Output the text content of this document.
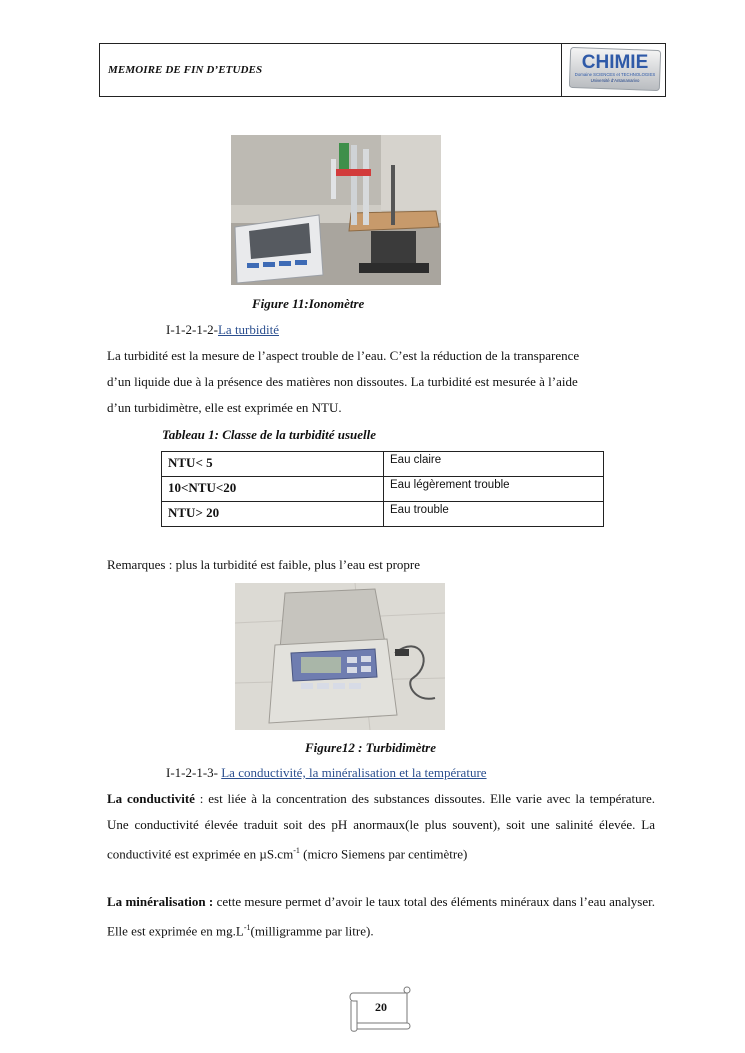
MEMOIRE DE FIN D’ETUDES	CHIMIE
Domaine SCIENCES et TECHNOLOGIES
Université d'Antananarivo
Figure 11:Ionomètre
I-1-2-1-2-La turbidité
La turbidité est la mesure de l’aspect trouble de l’eau. C’est la réduction de la transparence
d’un liquide due à la présence des matières non dissoutes. La turbidité est mesurée à l’aide
d’un turbidimètre, elle est exprimée en NTU.
Tableau 1: Classe de la turbidité usuelle
NTU< 5	Eau claire
10<NTU<20	Eau légèrement trouble
NTU> 20	Eau trouble
Remarques : plus la turbidité est faible, plus l’eau est propre
Figure12 : Turbidimètre
I-1-2-1-3- La conductivité, la minéralisation et la température
La conductivité : est liée à la concentration des substances dissoutes. Elle varie avec la température. Une conductivité élevée traduit soit des pH anormaux(le plus souvent), soit une salinité élevée. La conductivité est exprimée en $\mu S.cm^{-1}$ (micro Siemens par centimètre)
La minéralisation : cette mesure permet d’avoir le taux total des éléments minéraux dans l’eau analyser. Elle est exprimée en $mg.L^{-1}(milligramme$ par litre).
20
